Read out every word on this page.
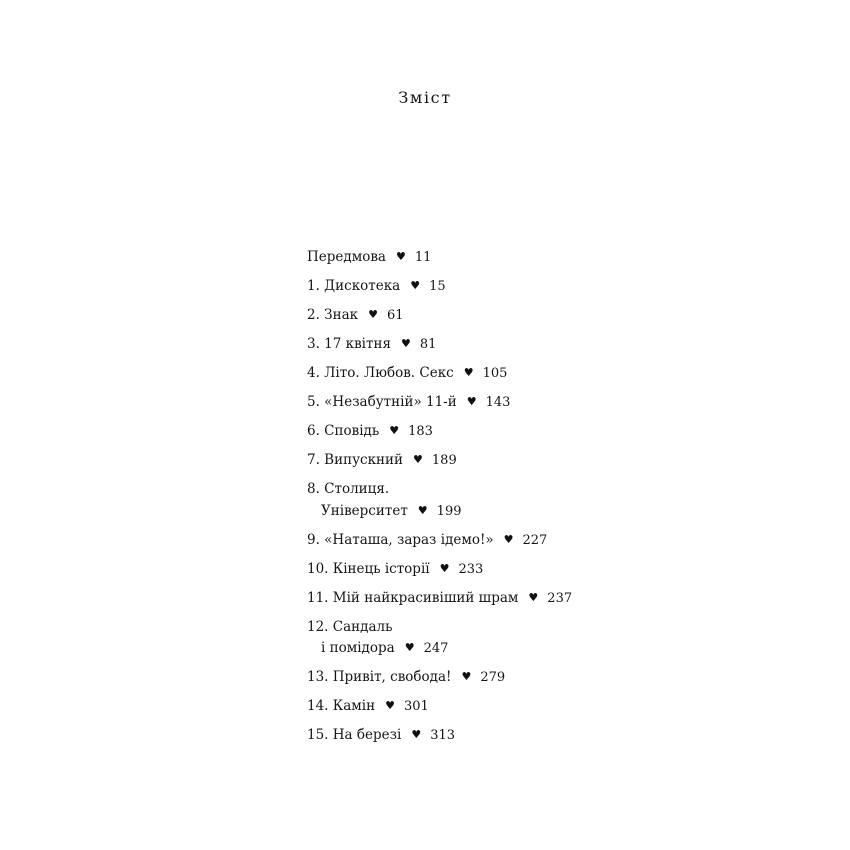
Зміст
Передмова ♥ 11
1. Дискотека ♥ 15
2. Знак ♥ 61
3. 17 квітня ♥ 81
4. Літо. Любов. Секс ♥ 105
5. «Незабутній» 11-й ♥ 143
6. Сповідь ♥ 183
7. Випускний ♥ 189
8. Столиця.
Університет ♥ 199
9. «Наташа, зараз ідемо!» ♥ 227
10. Кінець історії ♥ 233
11. Мій найкрасивіший шрам ♥ 237
12. Сандаль
і помідора ♥ 247
13. Привіт, свобода! ♥ 279
14. Камін ♥ 301
15. На березі ♥ 313
